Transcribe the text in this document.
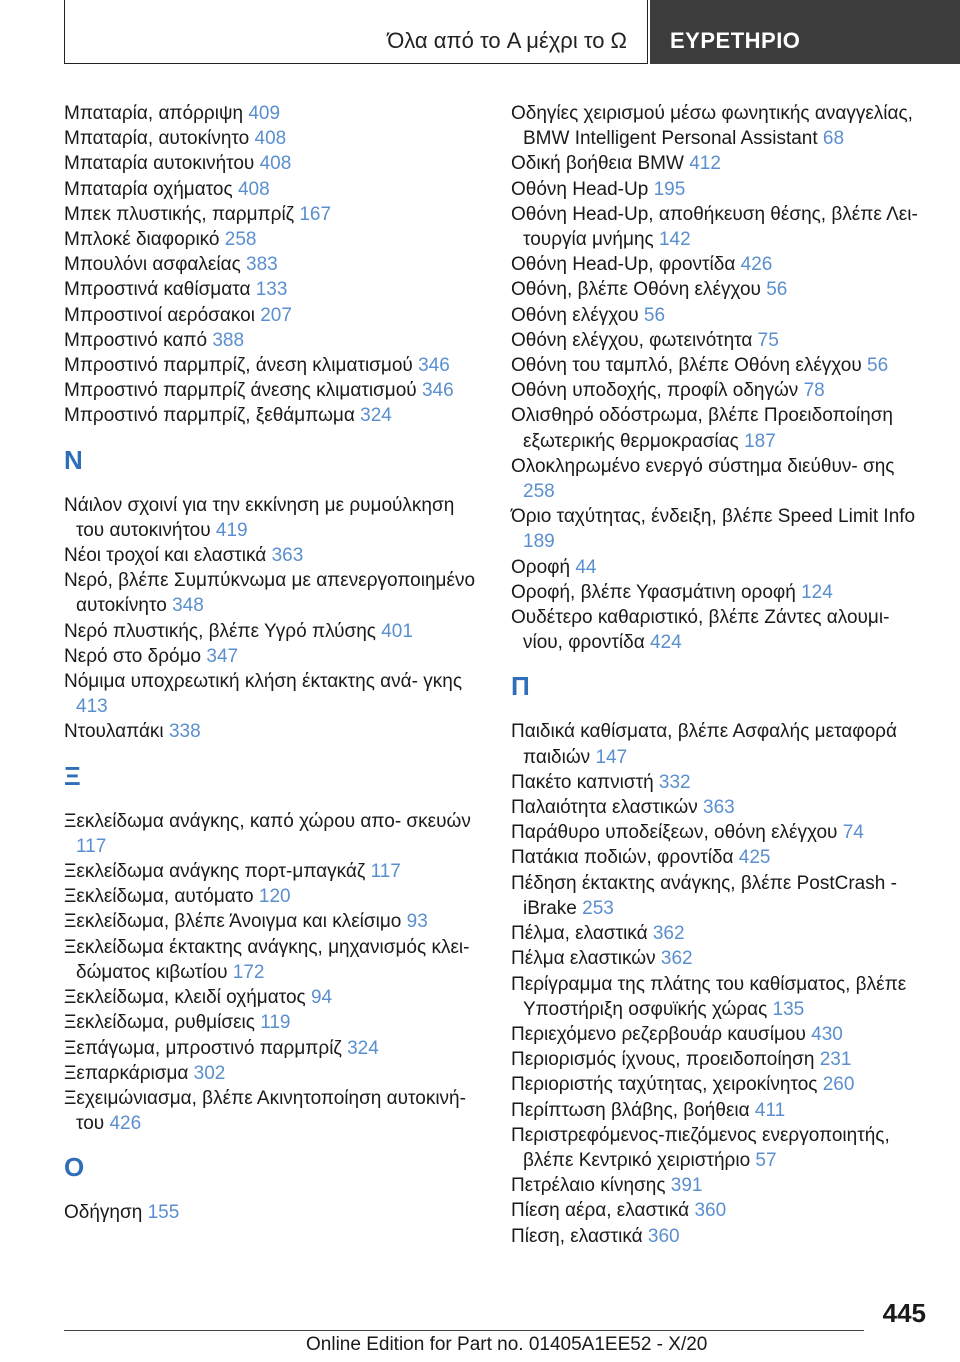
Όλα από το A μέχρι το Ω ΕΥΡΕΤΗΡΙΟ
Μπαταρία, απόρριψη 409
Μπαταρία, αυτοκίνητο 408
Μπαταρία αυτοκινήτου 408
Μπαταρία οχήματος 408
Μπεκ πλυστικής, παρμπρίζ 167
Μπλοκέ διαφορικό 258
Μπουλόνι ασφαλείας 383
Μπροστινά καθίσματα 133
Μπροστινοί αερόσακοι 207
Μπροστινό καπό 388
Μπροστινό παρμπρίζ, άνεση κλιματισμού 346
Μπροστινό παρμπρίζ άνεσης κλιματισμού 346
Μπροστινό παρμπρίζ, ξεθάμπωμα 324
Ν
Νάιλον σχοινί για την εκκίνηση με ρυμούλκηση του αυτοκινήτου 419
Νέοι τροχοί και ελαστικά 363
Νερό, βλέπε Συμπύκνωμα με απενεργοποιημένο αυτοκίνητο 348
Νερό πλυστικής, βλέπε Υγρό πλύσης 401
Νερό στο δρόμο 347
Νόμιμα υποχρεωτική κλήση έκτακτης ανά- γκης 413
Ντουλαπάκι 338
Ξ
Ξεκλείδωμα ανάγκης, καπό χώρου απο- σκευών 117
Ξεκλείδωμα ανάγκης πορτ-μπαγκάζ 117
Ξεκλείδωμα, αυτόματο 120
Ξεκλείδωμα, βλέπε Άνοιγμα και κλείσιμο 93
Ξεκλείδωμα έκτακτης ανάγκης, μηχανισμός κλει- δώματος κιβωτίου 172
Ξεκλείδωμα, κλειδί οχήματος 94
Ξεκλείδωμα, ρυθμίσεις 119
Ξεπάγωμα, μπροστινό παρμπρίζ 324
Ξεπαρκάρισμα 302
Ξεχειμώνιασμα, βλέπε Ακινητοποίηση αυτοκινή- του 426
Ο
Οδήγηση 155
Οδηγίες χειρισμού μέσω φωνητικής αναγγελίας, BMW Intelligent Personal Assistant 68
Οδική βοήθεια BMW 412
Οθόνη Head-Up 195
Οθόνη Head-Up, αποθήκευση θέσης, βλέπε Λει- τουργία μνήμης 142
Οθόνη Head-Up, φροντίδα 426
Οθόνη, βλέπε Οθόνη ελέγχου 56
Οθόνη ελέγχου 56
Οθόνη ελέγχου, φωτεινότητα 75
Οθόνη του ταμπλό, βλέπε Οθόνη ελέγχου 56
Οθόνη υποδοχής, προφίλ οδηγών 78
Ολισθηρό οδόστρωμα, βλέπε Προειδοποίηση εξωτερικής θερμοκρασίας 187
Ολοκληρωμένο ενεργό σύστημα διεύθυν- σης 258
Όριο ταχύτητας, ένδειξη, βλέπε Speed Limit Info 189
Οροφή 44
Οροφή, βλέπε Υφασμάτινη οροφή 124
Ουδέτερο καθαριστικό, βλέπε Ζάντες αλουμι- νίου, φροντίδα 424
Π
Παιδικά καθίσματα, βλέπε Ασφαλής μεταφορά παιδιών 147
Πακέτο καπνιστή 332
Παλαιότητα ελαστικών 363
Παράθυρο υποδείξεων, οθόνη ελέγχου 74
Πατάκια ποδιών, φροντίδα 425
Πέδηση έκτακτης ανάγκης, βλέπε PostCrash - iBrake 253
Πέλμα, ελαστικά 362
Πέλμα ελαστικών 362
Περίγραμμα της πλάτης του καθίσματος, βλέπε Υποστήριξη οσφυϊκής χώρας 135
Περιεχόμενο ρεζερβουάρ καυσίμου 430
Περιορισμός ίχνους, προειδοποίηση 231
Περιοριστής ταχύτητας, χειροκίνητος 260
Περίπτωση βλάβης, βοήθεια 411
Περιστρεφόμενος-πιεζόμενος ενεργοποιητής, βλέπε Κεντρικό χειριστήριο 57
Πετρέλαιο κίνησης 391
Πίεση αέρα, ελαστικά 360
Πίεση, ελαστικά 360
445
Online Edition for Part no. 01405A1EE52 - X/20
